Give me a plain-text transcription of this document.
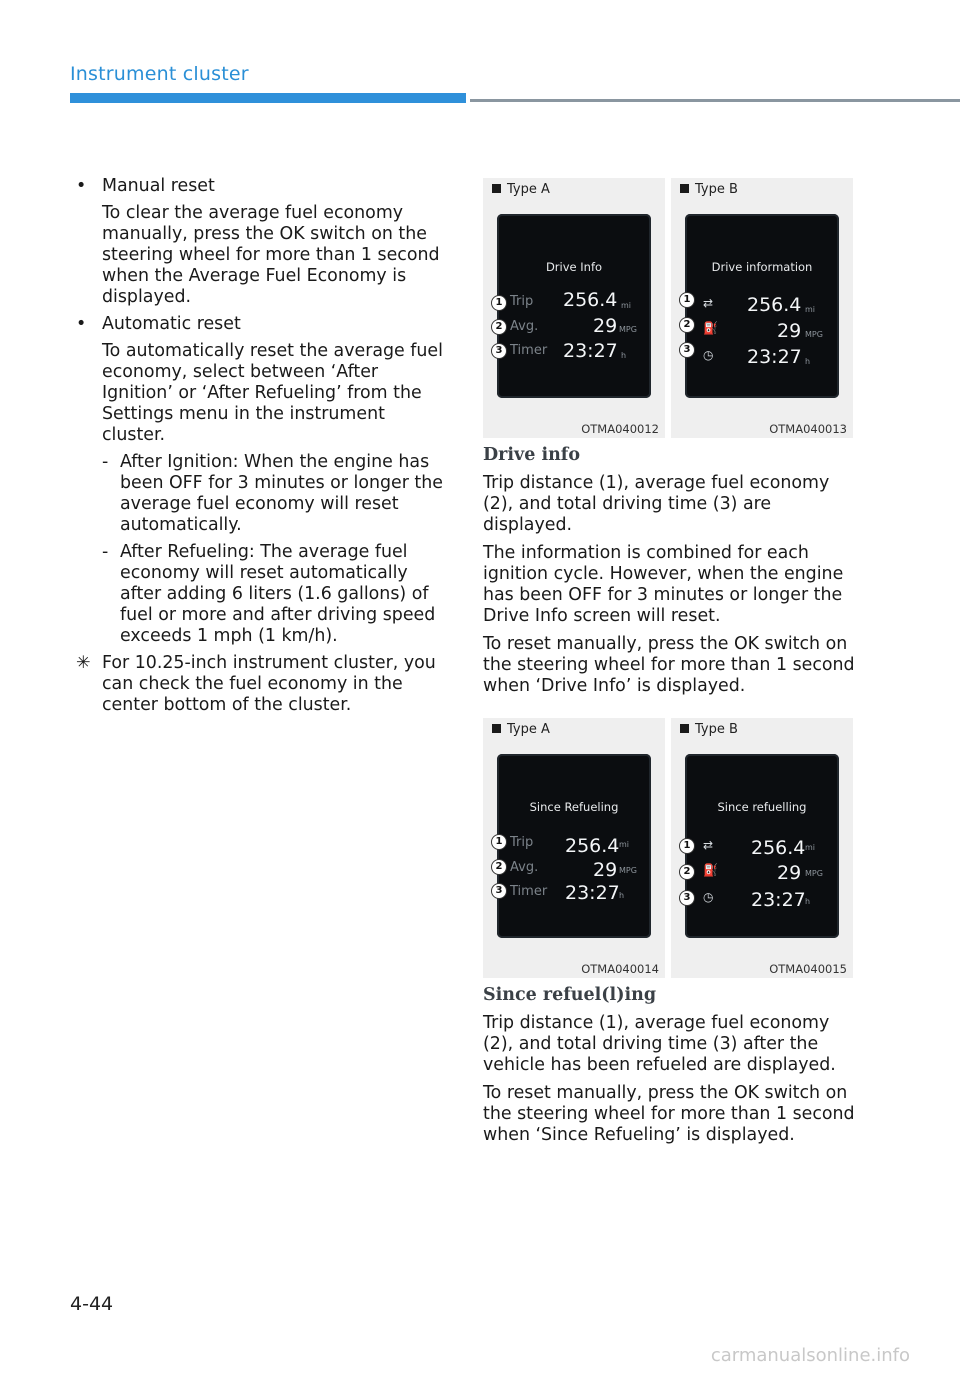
Instrument cluster
• Manual reset
To clear the average fuel economy manually, press the OK switch on the steering wheel for more than 1 second when the Average Fuel Economy is displayed.
• Automatic reset
To automatically reset the average fuel economy, select between ‘After Ignition’ or ‘After Refueling’ from the Settings menu in the instrument cluster.
- After Ignition: When the engine has been OFF for 3 minutes or longer the average fuel economy will reset automatically.
- After Refueling: The average fuel economy will reset automatically after adding 6 liters (1.6 gallons) of fuel or more and after driving speed exceeds 1 mph (1 km/h).
✳ For 10.25-inch instrument cluster, you can check the fuel economy in the center bottom of the cluster.
Type A
Drive Info
Trip
Avg.
Timer
256.4 mi
29 MPG
23:27 h
1
2
3
OTMA040012
Type B
Drive information
⇄
⛽
◷
256.4 mi
29 MPG
23:27 h
1
2
3
OTMA040013
Drive info

Trip distance (1), average fuel economy (2), and total driving time (3) are displayed.

The information is combined for each ignition cycle. However, when the engine has been OFF for 3 minutes or longer the Drive Info screen will reset.

To reset manually, press the OK switch on the steering wheel for more than 1 second when ‘Drive Info’ is displayed.

Type A
Since Refueling
Trip
Avg.
Timer
256.4 mi
29 MPG
23:27 h
1
2
3
OTMA040014
Type B
Since refuelling
⇄
⛽
◷
256.4 mi
29 MPG
23:27 h
1
2
3
OTMA040015
Since refuel(l)ing

Trip distance (1), average fuel economy (2), and total driving time (3) after the vehicle has been refueled are displayed.

To reset manually, press the OK switch on the steering wheel for more than 1 second when ‘Since Refueling’ is displayed.

4-44
carmanualsonline.info
